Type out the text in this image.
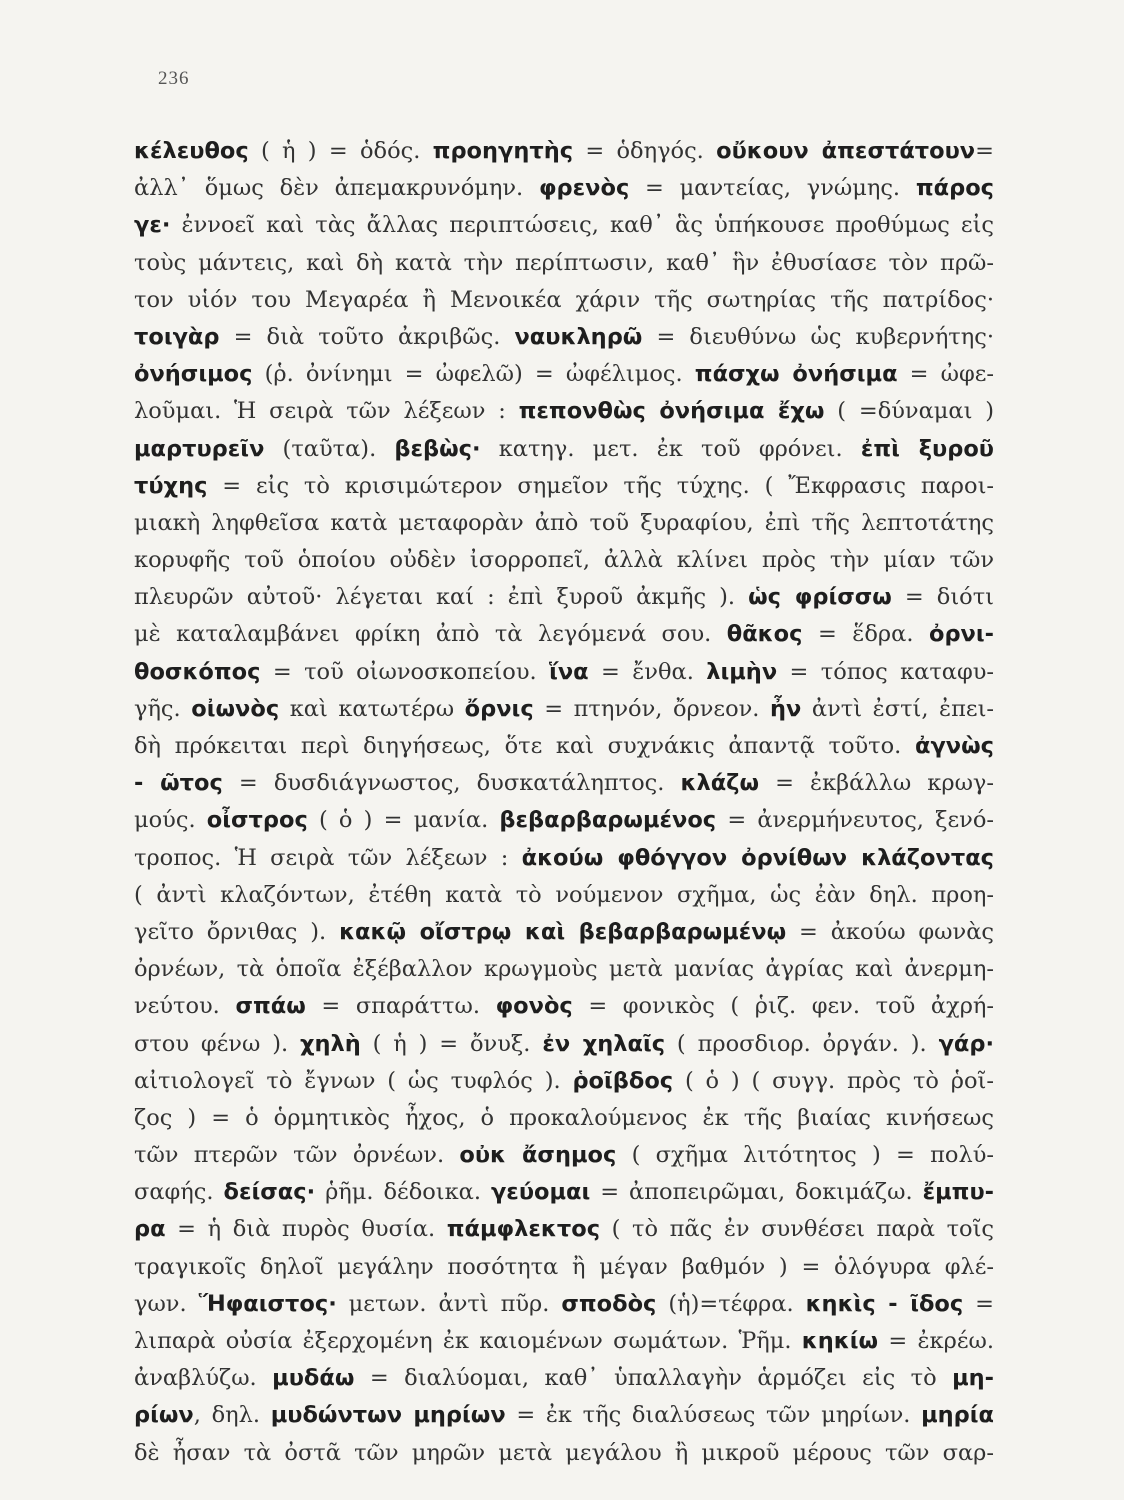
236
κέλευθος ( ἡ ) = ὁδός. προηγητὴς = ὁδηγός. οὔκουν ἀπεστάτουν=
ἀλλ᾽ ὅμως δὲν ἀπεμακρυνόμην. φρενὸς = μαντείας, γνώμης. πάρος
γε· ἐννοεῖ καὶ τὰς ἄλλας περιπτώσεις, καθ᾽ ἃς ὑπήκουσε προθύμως εἰς
τοὺς μάντεις, καὶ δὴ κατὰ τὴν περίπτωσιν, καθ᾽ ἣν ἐθυσίασε τὸν πρῶ-
τον υἱόν του Μεγαρέα ἢ Μενοικέα χάριν τῆς σωτηρίας τῆς πατρίδος·
τοιγὰρ = διὰ τοῦτο ἀκριβῶς. ναυκληρῶ = διευθύνω ὡς κυβερνήτης·
ὀνήσιμος (ῥ. ὀνίνημι = ὠφελῶ) = ὠφέλιμος. πάσχω ὀνήσιμα = ὠφε-
λοῦμαι. Ἡ σειρὰ τῶν λέξεων : πεπονθὼς ὀνήσιμα ἔχω ( =δύναμαι )
μαρτυρεῖν (ταῦτα). βεβὼς· κατηγ. μετ. ἐκ τοῦ φρόνει. ἐπὶ ξυροῦ
τύχης = εἰς τὸ κρισιμώτερον σημεῖον τῆς τύχης. ( Ἔκφρασις παροι-
μιακὴ ληφθεῖσα κατὰ μεταφορὰν ἀπὸ τοῦ ξυραφίου, ἐπὶ τῆς λεπτοτάτης
κορυφῆς τοῦ ὁποίου οὐδὲν ἰσορροπεῖ, ἀλλὰ κλίνει πρὸς τὴν μίαν τῶν
πλευρῶν αὐτοῦ· λέγεται καί : ἐπὶ ξυροῦ ἀκμῆς ). ὡς φρίσσω = διότι
μὲ καταλαμβάνει φρίκη ἀπὸ τὰ λεγόμενά σου. θᾶκος = ἕδρα. ὀρνι-
θοσκόπος = τοῦ οἰωνοσκοπείου. ἵνα = ἔνθα. λιμὴν = τόπος καταφυ-
γῆς. οἰωνὸς καὶ κατωτέρω ὄρνις = πτηνόν, ὄρνεον. ἦν ἀντὶ ἐστί, ἐπει-
δὴ πρόκειται περὶ διηγήσεως, ὅτε καὶ συχνάκις ἀπαντᾷ τοῦτο. ἀγνὼς
- ῶτος = δυσδιάγνωστος, δυσκατάληπτος. κλάζω = ἐκβάλλω κρωγ-
μούς. οἶστρος ( ὁ ) = μανία. βεβαρβαρωμένος = ἀνερμήνευτος, ξενό-
τροπος. Ἡ σειρὰ τῶν λέξεων : ἀκούω φθόγγον ὀρνίθων κλάζοντας
( ἀντὶ κλαζόντων, ἐτέθη κατὰ τὸ νούμενον σχῆμα, ὡς ἐὰν δηλ. προη-
γεῖτο ὄρνιθας ). κακῷ οἴστρῳ καὶ βεβαρβαρωμένῳ = ἀκούω φωνὰς
ὀρνέων, τὰ ὁποῖα ἐξέβαλλον κρωγμοὺς μετὰ μανίας ἀγρίας καὶ ἀνερμη-
νεύτου. σπάω = σπαράττω. φονὸς = φονικὸς ( ῥιζ. φεν. τοῦ ἀχρή-
στου φένω ). χηλὴ ( ἡ ) = ὄνυξ. ἐν χηλαῖς ( προσδιορ. ὀργάν. ). γάρ·
αἰτιολογεῖ τὸ ἔγνων ( ὡς τυφλός ). ῥοῖβδος ( ὁ ) ( συγγ. πρὸς τὸ ῥοῖ-
ζος ) = ὁ ὁρμητικὸς ἦχος, ὁ προκαλούμενος ἐκ τῆς βιαίας κινήσεως
τῶν πτερῶν τῶν ὀρνέων. οὐκ ἄσημος ( σχῆμα λιτότητος ) = πολύ-
σαφής. δείσας· ῥῆμ. δέδοικα. γεύομαι = ἀποπειρῶμαι, δοκιμάζω. ἔμπυ-
ρα = ἡ διὰ πυρὸς θυσία. πάμφλεκτος ( τὸ πᾶς ἐν συνθέσει παρὰ τοῖς
τραγικοῖς δηλοῖ μεγάλην ποσότητα ἢ μέγαν βαθμόν ) = ὁλόγυρα φλέ-
γων. Ἥφαιστος· μετων. ἀντὶ πῦρ. σποδὸς (ἡ)=τέφρα. κηκὶς - ῖδος =
λιπαρὰ οὐσία ἐξερχομένη ἐκ καιομένων σωμάτων. Ῥῆμ. κηκίω = ἐκρέω.
ἀναβλύζω. μυδάω = διαλύομαι, καθ᾽ ὑπαλλαγὴν ἁρμόζει εἰς τὸ μη-
ρίων, δηλ. μυδώντων μηρίων = ἐκ τῆς διαλύσεως τῶν μηρίων. μηρία
δὲ ἦσαν τὰ ὀστᾶ τῶν μηρῶν μετὰ μεγάλου ἢ μικροῦ μέρους τῶν σαρ-
